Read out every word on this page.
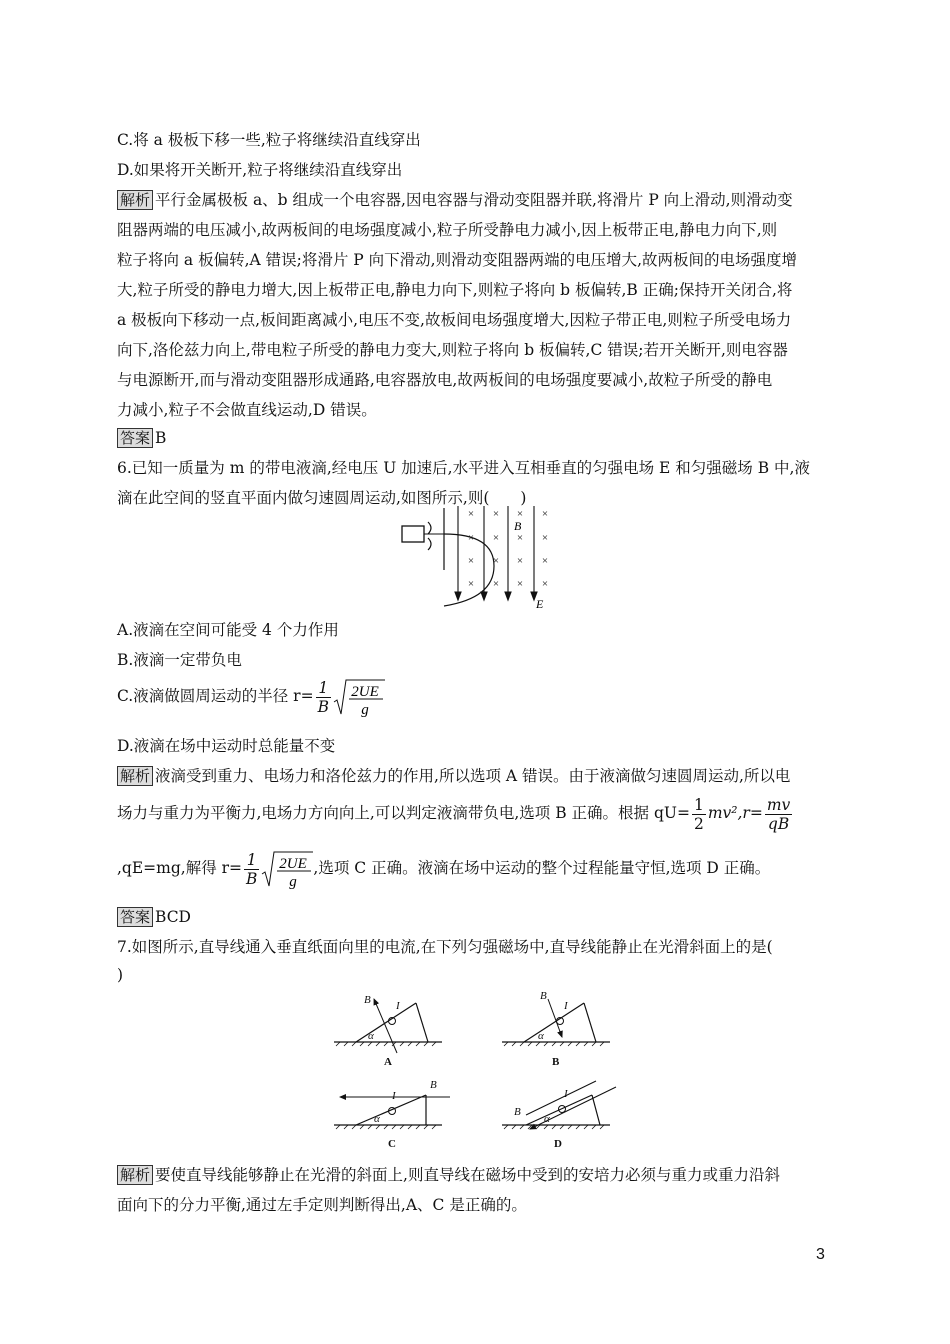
C.将 a 极板下移一些,粒子将继续沿直线穿出
D.如果将开关断开,粒子将继续沿直线穿出
解析 平行金属极板 a、b 组成一个电容器,因电容器与滑动变阻器并联,将滑片 P 向上滑动,则滑动变
阻器两端的电压减小,故两板间的电场强度减小,粒子所受静电力减小,因上板带正电,静电力向下,则
粒子将向 a 板偏转,A 错误;将滑片 P 向下滑动,则滑动变阻器两端的电压增大,故两板间的电场强度增
大,粒子所受的静电力增大,因上板带正电,静电力向下,则粒子将向 b 板偏转,B 正确;保持开关闭合,将
a 极板向下移动一点,板间距离减小,电压不变,故板间电场强度增大,因粒子带正电,则粒子所受电场力
向下,洛伦兹力向上,带电粒子所受的静电力变大,则粒子将向 b 板偏转,C 错误;若开关断开,则电容器
与电源断开,而与滑动变阻器形成通路,电容器放电,故两板间的电场强度要减小,故粒子所受的静电
力减小,粒子不会做直线运动,D 错误。
答案 B
6.已知一质量为 m 的带电液滴,经电压 U 加速后,水平进入互相垂直的匀强电场 E 和匀强磁场 B 中,液
滴在此空间的竖直平面内做匀速圆周运动,如图所示,则(　　)
× × × ×
× × × ×
× × × ×
× × × ×
B
E
A.液滴在空间可能受 4 个力作用
B.液滴一定带负电
C.液滴做圆周运动的半径 $r= \frac{1}{B} 2UE$
g
D.液滴在场中运动时总能量不变
解析 液滴受到重力、电场力和洛伦兹力的作用,所以选项 A 错误。由于液滴做匀速圆周运动,所以电
场力与重力为平衡力,电场力方向向上,可以判定液滴带负电,选项 B 正确。根据 $qU= \frac{1}{2} mv^2,r= \frac{mv}{qB}$
,qE=mg,解得 $r= \frac{1}{B} 2UE$
g
,选项 C 正确。液滴在场中运动的整个过程能量守恒,选项 D 正确。
答案 BCD
7.如图所示,直导线通入垂直纸面向里的电流,在下列匀强磁场中,直导线能静止在光滑斜面上的是(
)
B I
α
A
B
I
α
B
B
I
α
C
B
I
α
D
解析 要使直导线能够静止在光滑的斜面上,则直导线在磁场中受到的安培力必须与重力或重力沿斜
面向下的分力平衡,通过左手定则判断得出,A、C 是正确的。
3
